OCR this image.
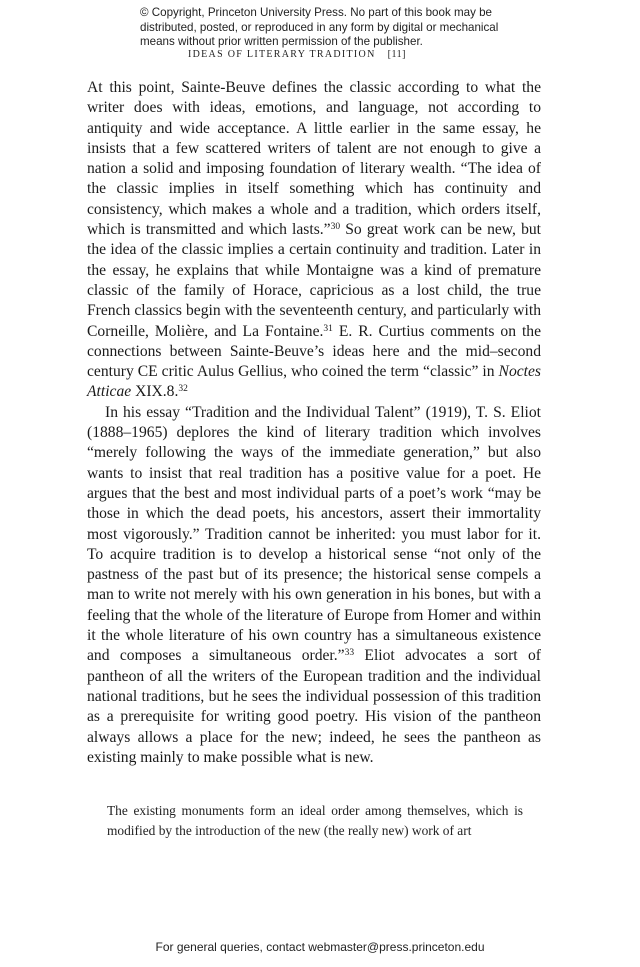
© Copyright, Princeton University Press. No part of this book may be distributed, posted, or reproduced in any form by digital or mechanical means without prior written permission of the publisher.
IDEAS OF LITERARY TRADITION [11]

At this point, Sainte-Beuve defines the classic according to what the writer does with ideas, emotions, and language, not according to antiquity and wide acceptance. A little earlier in the same essay, he insists that a few scattered writers of talent are not enough to give a nation a solid and imposing foundation of literary wealth. “The idea of the classic implies in itself something which has continuity and consistency, which makes a whole and a tradition, which orders itself, which is transmitted and which lasts.”$^{30}$ So great work can be new, but the idea of the classic implies a certain continuity and tradition. Later in the essay, he explains that while Montaigne was a kind of premature classic of the family of Horace, capricious as a lost child, the true French classics begin with the seventeenth century, and particularly with Corneille, Molière, and La Fontaine.$^{31}$ E. R. Curtius comments on the connections between Sainte-Beuve’s ideas here and the mid–second century CE critic Aulus Gellius, who coined the term “classic” in Noctes Atticae XIX.8.32

In his essay “Tradition and the Individual Talent” (1919), T. S. Eliot (1888–1965) deplores the kind of literary tradition which involves “merely following the ways of the immediate generation,” but also wants to insist that real tradition has a positive value for a poet. He argues that the best and most individual parts of a poet’s work “may be those in which the dead poets, his ancestors, assert their immortality most vigorously.” Tradition cannot be inherited: you must labor for it. To acquire tradition is to develop a historical sense “not only of the pastness of the past but of its presence; the historical sense compels a man to write not merely with his own generation in his bones, but with a feeling that the whole of the literature of Europe from Homer and within it the whole literature of his own country has a simultaneous existence and composes a simultaneous order.”$^{33}$ Eliot advocates a sort of pantheon of all the writers of the European tradition and the individual national traditions, but he sees the individual possession of this tradition as a prerequisite for writing good poetry. His vision of the pantheon always allows a place for the new; indeed, he sees the pantheon as existing mainly to make possible what is new.

The existing monuments form an ideal order among themselves, which is modified by the introduction of the new (the really new) work of art

For general queries, contact webmaster@press.princeton.edu
